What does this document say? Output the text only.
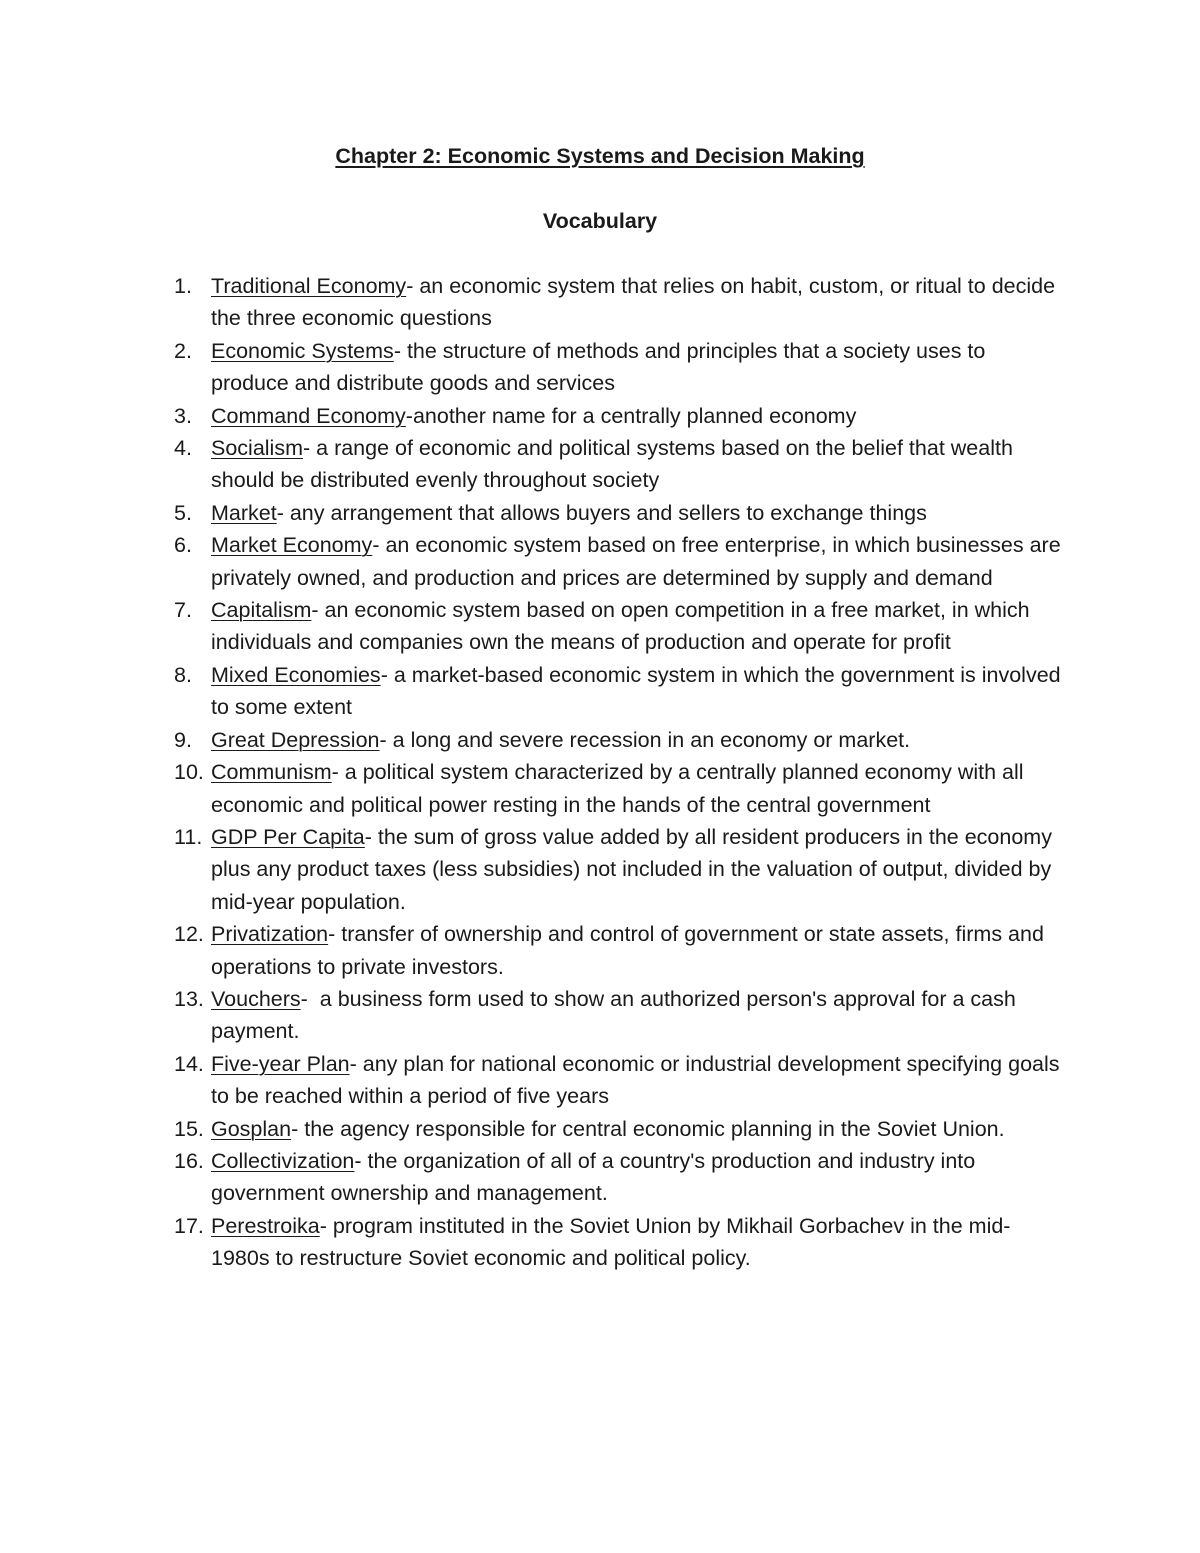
Chapter 2: Economic Systems and Decision Making
Vocabulary
1. Traditional Economy- an economic system that relies on habit, custom, or ritual to decide the three economic questions
2. Economic Systems- the structure of methods and principles that a society uses to produce and distribute goods and services
3. Command Economy-another name for a centrally planned economy
4. Socialism- a range of economic and political systems based on the belief that wealth should be distributed evenly throughout society
5. Market- any arrangement that allows buyers and sellers to exchange things
6. Market Economy- an economic system based on free enterprise, in which businesses are privately owned, and production and prices are determined by supply and demand
7. Capitalism- an economic system based on open competition in a free market, in which individuals and companies own the means of production and operate for profit
8. Mixed Economies- a market-based economic system in which the government is involved to some extent
9. Great Depression- a long and severe recession in an economy or market.
10. Communism- a political system characterized by a centrally planned economy with all economic and political power resting in the hands of the central government
11. GDP Per Capita- the sum of gross value added by all resident producers in the economy plus any product taxes (less subsidies) not included in the valuation of output, divided by mid-year population.
12. Privatization- transfer of ownership and control of government or state assets, firms and operations to private investors.
13. Vouchers-  a business form used to show an authorized person's approval for a cash payment.
14. Five-year Plan- any plan for national economic or industrial development specifying goals to be reached within a period of five years
15. Gosplan- the agency responsible for central economic planning in the Soviet Union.
16. Collectivization- the organization of all of a country's production and industry into government ownership and management.
17. Perestroika- program instituted in the Soviet Union by Mikhail Gorbachev in the mid-1980s to restructure Soviet economic and political policy.
